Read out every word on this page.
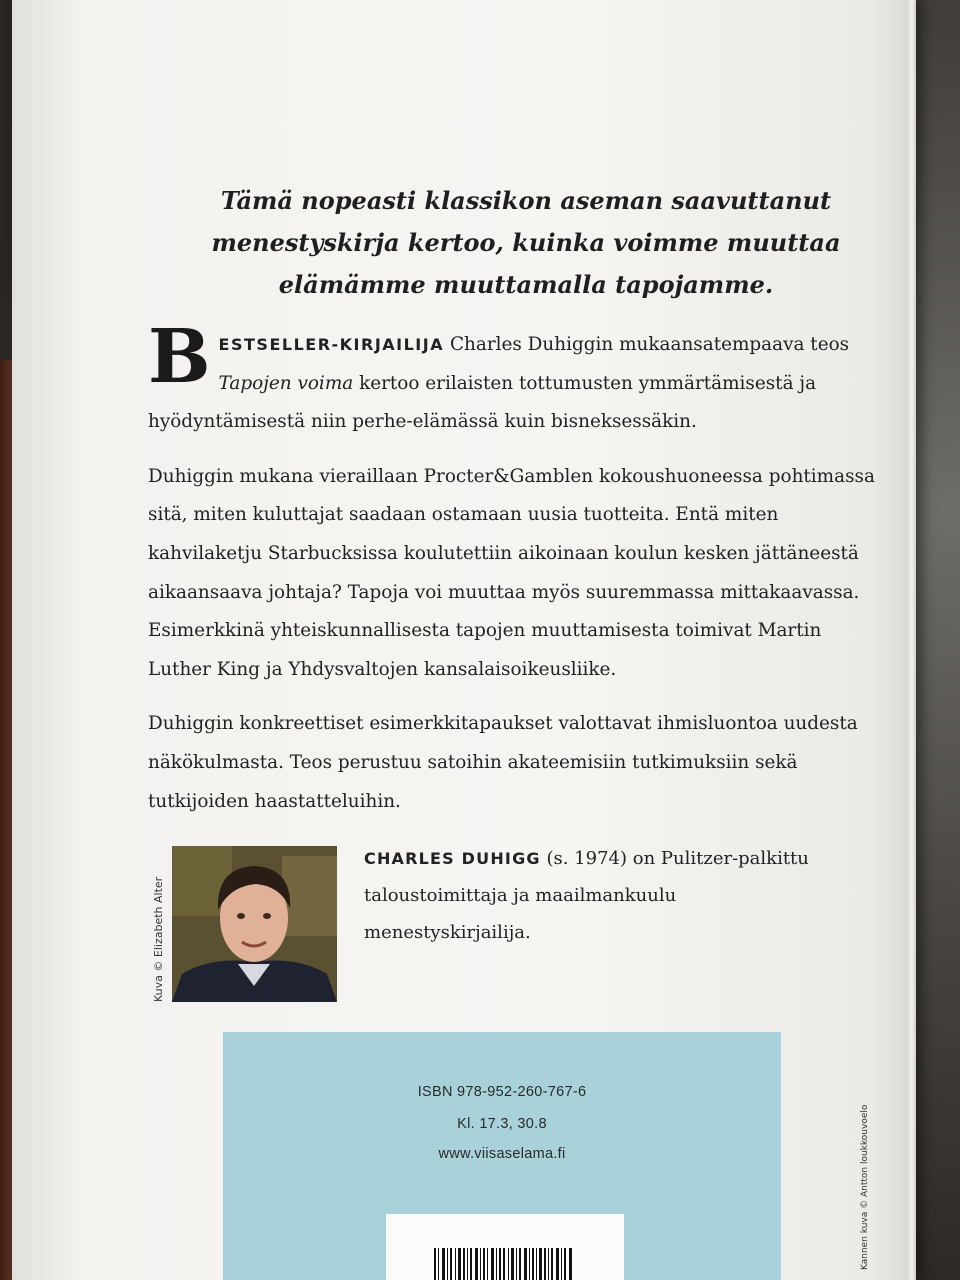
Tämä nopeasti klassikon aseman saavuttanut menestyskirja kertoo, kuinka voimme muuttaa elämämme muuttamalla tapojamme.

BESTSELLER-KIRJAILIJA Charles Duhiggin mukaansatempaava teos Tapojen voima kertoo erilaisten tottumusten ymmärtämisestä ja hyödyntämisestä niin perhe-elämässä kuin bisneksessäkin.

Duhiggin mukana vieraillaan Procter&Gamblen kokoushuoneessa pohtimassa sitä, miten kuluttajat saadaan ostamaan uusia tuotteita. Entä miten kahvilaketju Starbucksissa koulutettiin aikoinaan koulun kesken jättäneestä aikaansaava johtaja? Tapoja voi muuttaa myös suuremmassa mittakaavassa. Esimerkkinä yhteiskunnallisesta tapojen muuttamisesta toimivat Martin Luther King ja Yhdysvaltojen kansalaisoikeusliike.

Duhiggin konkreettiset esimerkkitapaukset valottavat ihmisluontoa uudesta näkökulmasta. Teos perustuu satoihin akateemisiin tutkimuksiin sekä tutkijoiden haastatteluihin.

Kuva © Elizabeth Alter

CHARLES DUHIGG (s. 1974) on Pulitzer-palkittu taloustoimittaja ja maailmankuulu menestyskirjailija.

ISBN 978-952-260-767-6
Kl. 17.3, 30.8
www.viisaselama.fi	Kannen kuva © Antton loukkouvoelo
